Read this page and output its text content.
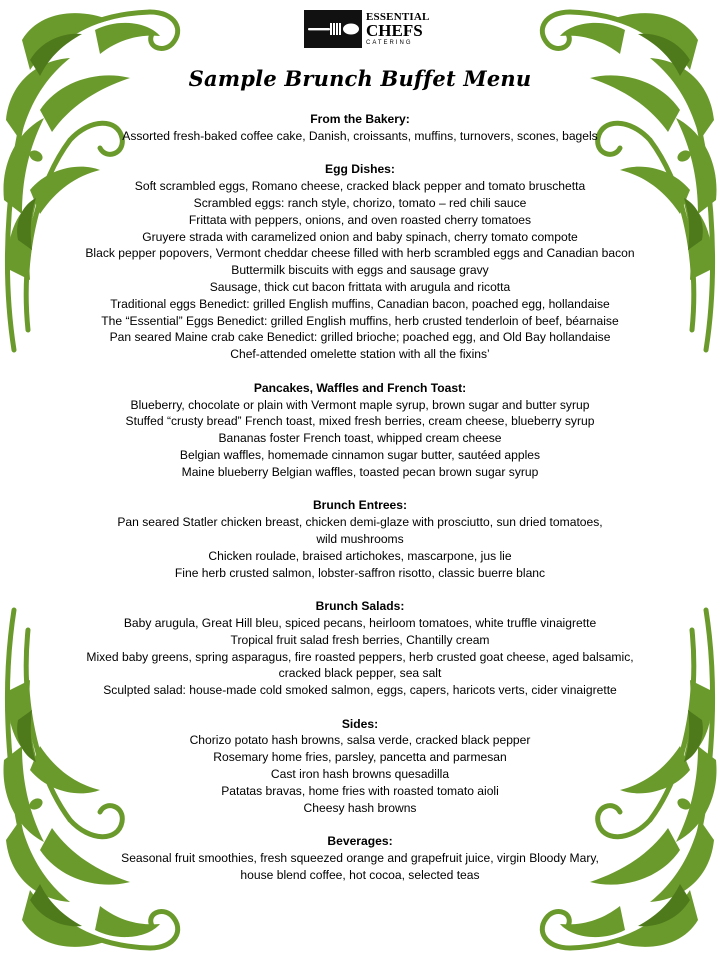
ESSENTIAL
CHEFS
CATERING
Sample Brunch Buffet Menu
From the Bakery:
Assorted fresh-baked coffee cake, Danish, croissants, muffins, turnovers, scones, bagels
Egg Dishes:
Soft scrambled eggs, Romano cheese, cracked black pepper and tomato bruschetta
Scrambled eggs: ranch style, chorizo, tomato – red chili sauce
Frittata with peppers, onions, and oven roasted cherry tomatoes
Gruyere strada with caramelized onion and baby spinach, cherry tomato compote
Black pepper popovers, Vermont cheddar cheese filled with herb scrambled eggs and Canadian bacon
Buttermilk biscuits with eggs and sausage gravy
Sausage, thick cut bacon frittata with arugula and ricotta
Traditional eggs Benedict: grilled English muffins, Canadian bacon, poached egg, hollandaise
The “Essential” Eggs Benedict: grilled English muffins, herb crusted tenderloin of beef, béarnaise
Pan seared Maine crab cake Benedict: grilled brioche; poached egg, and Old Bay hollandaise
Chef-attended omelette station with all the fixins’
Pancakes, Waffles and French Toast:
Blueberry, chocolate or plain with Vermont maple syrup, brown sugar and butter syrup
Stuffed “crusty bread” French toast, mixed fresh berries, cream cheese, blueberry syrup
Bananas foster French toast, whipped cream cheese
Belgian waffles, homemade cinnamon sugar butter, sautéed apples
Maine blueberry Belgian waffles, toasted pecan brown sugar syrup
Brunch Entrees:
Pan seared Statler chicken breast, chicken demi-glaze with prosciutto, sun dried tomatoes,
wild mushrooms
Chicken roulade, braised artichokes, mascarpone, jus lie
Fine herb crusted salmon, lobster-saffron risotto, classic buerre blanc
Brunch Salads:
Baby arugula, Great Hill bleu, spiced pecans, heirloom tomatoes, white truffle vinaigrette
Tropical fruit salad fresh berries, Chantilly cream
Mixed baby greens, spring asparagus, fire roasted peppers, herb crusted goat cheese, aged balsamic,
cracked black pepper, sea salt
Sculpted salad: house-made cold smoked salmon, eggs, capers, haricots verts, cider vinaigrette
Sides:
Chorizo potato hash browns, salsa verde, cracked black pepper
Rosemary home fries, parsley, pancetta and parmesan
Cast iron hash browns quesadilla
Patatas bravas, home fries with roasted tomato aioli
Cheesy hash browns
Beverages:
Seasonal fruit smoothies, fresh squeezed orange and grapefruit juice, virgin Bloody Mary,
house blend coffee, hot cocoa, selected teas
